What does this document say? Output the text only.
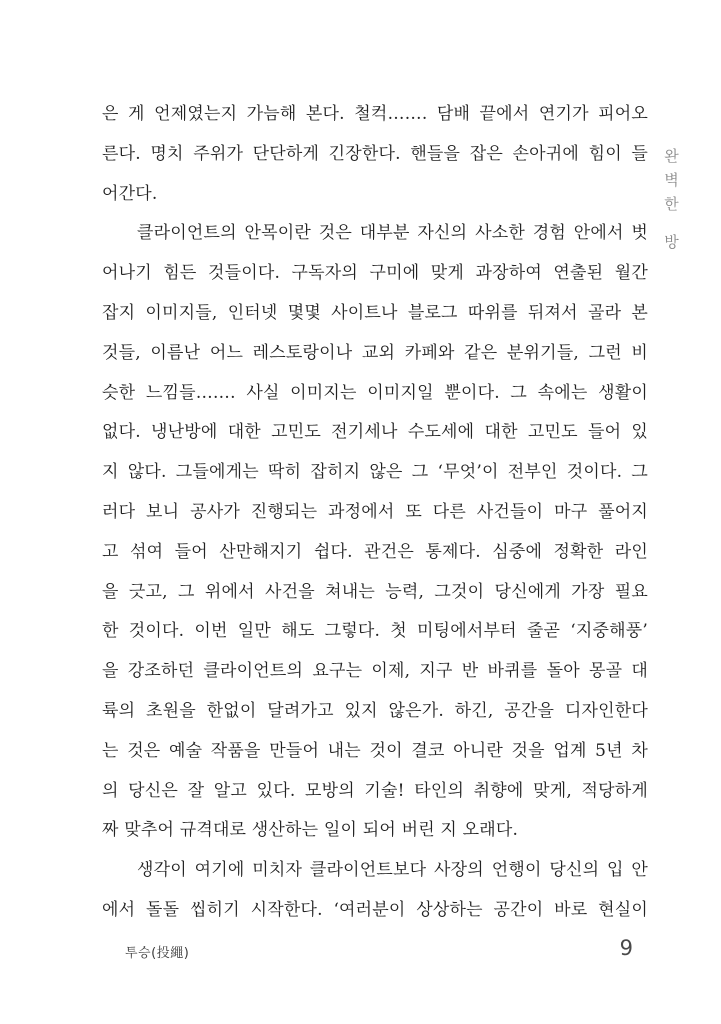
은 게 언제였는지 가늠해 본다. 철컥……. 담배 끝에서 연기가 피어오
른다. 명치 주위가 단단하게 긴장한다. 핸들을 잡은 손아귀에 힘이 들
어간다.
클라이언트의 안목이란 것은 대부분 자신의 사소한 경험 안에서 벗
어나기 힘든 것들이다. 구독자의 구미에 맞게 과장하여 연출된 월간
잡지 이미지들, 인터넷 몇몇 사이트나 블로그 따위를 뒤져서 골라 본
것들, 이름난 어느 레스토랑이나 교외 카페와 같은 분위기들, 그런 비
슷한 느낌들……. 사실 이미지는 이미지일 뿐이다. 그 속에는 생활이
없다. 냉난방에 대한 고민도 전기세나 수도세에 대한 고민도 들어 있
지 않다. 그들에게는 딱히 잡히지 않은 그 ‘무엇’이 전부인 것이다. 그
러다 보니 공사가 진행되는 과정에서 또 다른 사건들이 마구 풀어지
고 섞여 들어 산만해지기 쉽다. 관건은 통제다. 심중에 정확한 라인
을 긋고, 그 위에서 사건을 쳐내는 능력, 그것이 당신에게 가장 필요
한 것이다. 이번 일만 해도 그렇다. 첫 미팅에서부터 줄곧 ‘지중해풍’
을 강조하던 클라이언트의 요구는 이제, 지구 반 바퀴를 돌아 몽골 대
륙의 초원을 한없이 달려가고 있지 않은가. 하긴, 공간을 디자인한다
는 것은 예술 작품을 만들어 내는 것이 결코 아니란 것을 업계 5년 차
의 당신은 잘 알고 있다. 모방의 기술! 타인의 취향에 맞게, 적당하게
짜 맞추어 규격대로 생산하는 일이 되어 버린 지 오래다.
생각이 여기에 미치자 클라이언트보다 사장의 언행이 당신의 입 안
에서 돌돌 씹히기 시작한다. ‘여러분이 상상하는 공간이 바로 현실이
완벽한 방
투승(投繩)	9
